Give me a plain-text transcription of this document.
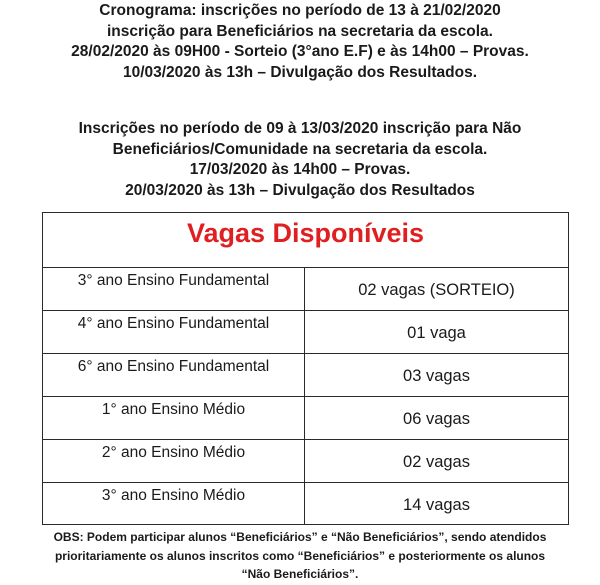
Cronograma: inscrições no período de 13 à 21/02/2020
inscrição para Beneficiários na secretaria da escola.
28/02/2020 às 09H00 - Sorteio (3°ano E.F) e às 14h00 – Provas.
10/03/2020 às 13h – Divulgação dos Resultados.
Inscrições no período de 09 à 13/03/2020 inscrição para Não
Beneficiários/Comunidade na secretaria da escola.
17/03/2020 às 14h00 – Provas.
20/03/2020 às 13h – Divulgação dos Resultados
Vagas Disponíveis
3° ano Ensino Fundamental
02 vagas (SORTEIO)
4° ano Ensino Fundamental
01 vaga
6° ano Ensino Fundamental
03 vagas
1° ano Ensino Médio
06 vagas
2° ano Ensino Médio
02 vagas
3° ano Ensino Médio
14 vagas
OBS: Podem participar alunos “Beneficiários” e “Não Beneficiários”, sendo atendidos
prioritariamente os alunos inscritos como “Beneficiários” e posteriormente os alunos
“Não Beneficiários”.
